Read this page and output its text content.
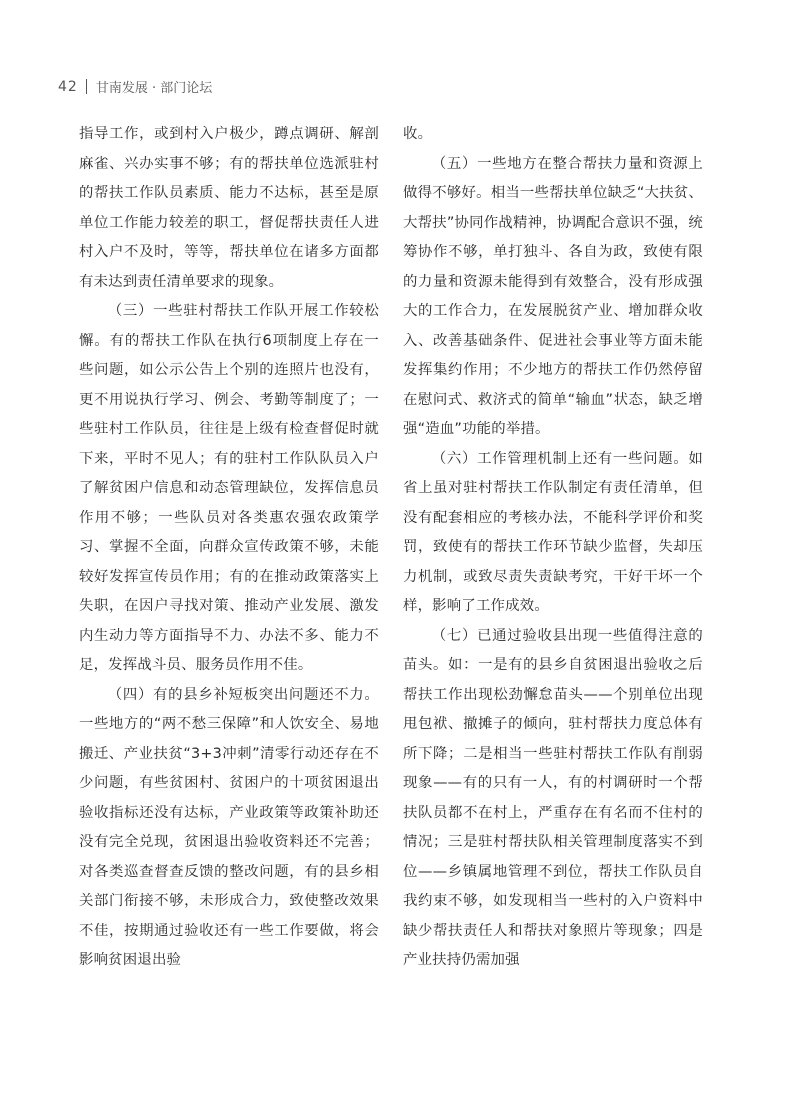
42 甘南发展 · 部门论坛

指导工作，或到村入户极少，蹲点调研、解剖麻雀、兴办实事不够；有的帮扶单位选派驻村的帮扶工作队员素质、能力不达标，甚至是原单位工作能力较差的职工，督促帮扶责任人进村入户不及时，等等，帮扶单位在诸多方面都有未达到责任清单要求的现象。

（三）一些驻村帮扶工作队开展工作较松懈。有的帮扶工作队在执行6项制度上存在一些问题，如公示公告上个别的连照片也没有，更不用说执行学习、例会、考勤等制度了；一些驻村工作队员，往往是上级有检查督促时就下来，平时不见人；有的驻村工作队队员入户了解贫困户信息和动态管理缺位，发挥信息员作用不够；一些队员对各类惠农强农政策学习、掌握不全面，向群众宣传政策不够，未能较好发挥宣传员作用；有的在推动政策落实上失职，在因户寻找对策、推动产业发展、激发内生动力等方面指导不力、办法不多、能力不足，发挥战斗员、服务员作用不佳。

（四）有的县乡补短板突出问题还不力。一些地方的“两不愁三保障”和人饮安全、易地搬迁、产业扶贫“3+3冲刺”清零行动还存在不少问题，有些贫困村、贫困户的十项贫困退出验收指标还没有达标，产业政策等政策补助还没有完全兑现，贫困退出验收资料还不完善；对各类巡查督查反馈的整改问题，有的县乡相关部门衔接不够，未形成合力，致使整改效果不佳，按期通过验收还有一些工作要做，将会影响贫困退出验

收。

（五）一些地方在整合帮扶力量和资源上做得不够好。相当一些帮扶单位缺乏“大扶贫、大帮扶”协同作战精神，协调配合意识不强，统筹协作不够，单打独斗、各自为政，致使有限的力量和资源未能得到有效整合，没有形成强大的工作合力，在发展脱贫产业、增加群众收入、改善基础条件、促进社会事业等方面未能发挥集约作用；不少地方的帮扶工作仍然停留在慰问式、救济式的简单“输血”状态，缺乏增强“造血”功能的举措。

（六）工作管理机制上还有一些问题。如省上虽对驻村帮扶工作队制定有责任清单，但没有配套相应的考核办法，不能科学评价和奖罚，致使有的帮扶工作环节缺少监督，失却压力机制，或致尽责失责缺考究，干好干坏一个样，影响了工作成效。

（七）已通过验收县出现一些值得注意的苗头。如：一是有的县乡自贫困退出验收之后帮扶工作出现松劲懈怠苗头——个别单位出现甩包袱、撤摊子的倾向，驻村帮扶力度总体有所下降；二是相当一些驻村帮扶工作队有削弱现象——有的只有一人，有的村调研时一个帮扶队员都不在村上，严重存在有名而不住村的情况；三是驻村帮扶队相关管理制度落实不到位——乡镇属地管理不到位，帮扶工作队员自我约束不够，如发现相当一些村的入户资料中缺少帮扶责任人和帮扶对象照片等现象；四是产业扶持仍需加强
